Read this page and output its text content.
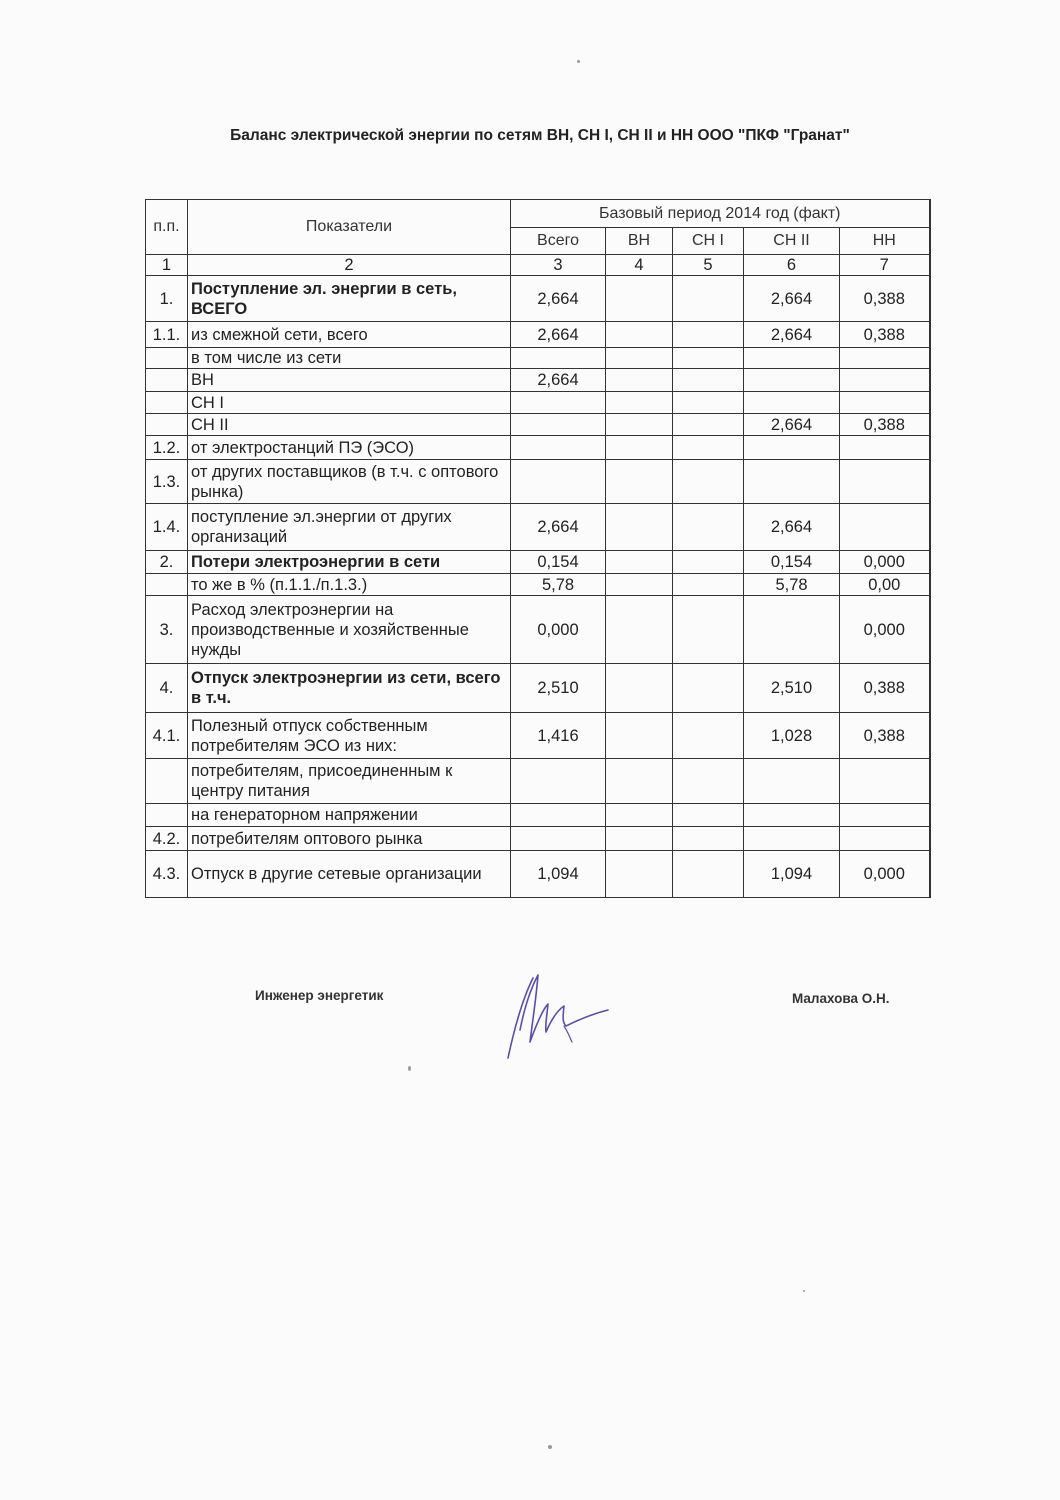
Баланс электрической энергии по сетям ВН, СН I, СН II и НН ООО "ПКФ "Гранат"
п.п.	Показатели	Базовый период 2014 год (факт)					
		Всего	ВН	СН I	СН II	НН	
1	2	3	4	5	6	7	
1.	Поступление эл. энергии в сеть, ВСЕГО	2,664			2,664	0,388	
1.1.	из смежной сети, всего	2,664			2,664	0,388	
	в том числе из сети						
	ВН	2,664					
	СН I						
	СН II				2,664	0,388	
1.2.	от электростанций ПЭ (ЭСО)						
1.3.	от других поставщиков (в т.ч. с оптового рынка)						
1.4.	поступление эл.энергии от других организаций	2,664			2,664		
2.	Потери электроэнергии в сети	0,154			0,154	0,000	
	то же в % (п.1.1./п.1.3.)	5,78			5,78	0,00	
3.	Расход электроэнергии на производственные и хозяйственные нужды	0,000				0,000	
4.	Отпуск электроэнергии из сети, всего в т.ч.	2,510			2,510	0,388	
4.1.	Полезный отпуск собственным потребителям ЭСО из них:	1,416			1,028	0,388	
	потребителям, присоединенным к центру питания						
	на генераторном напряжении						
4.2.	потребителям оптового рынка						
4.3.	Отпуск в другие сетевые организации	1,094			1,094	0,000	
Инженер энергетик	Малахова О.Н.
